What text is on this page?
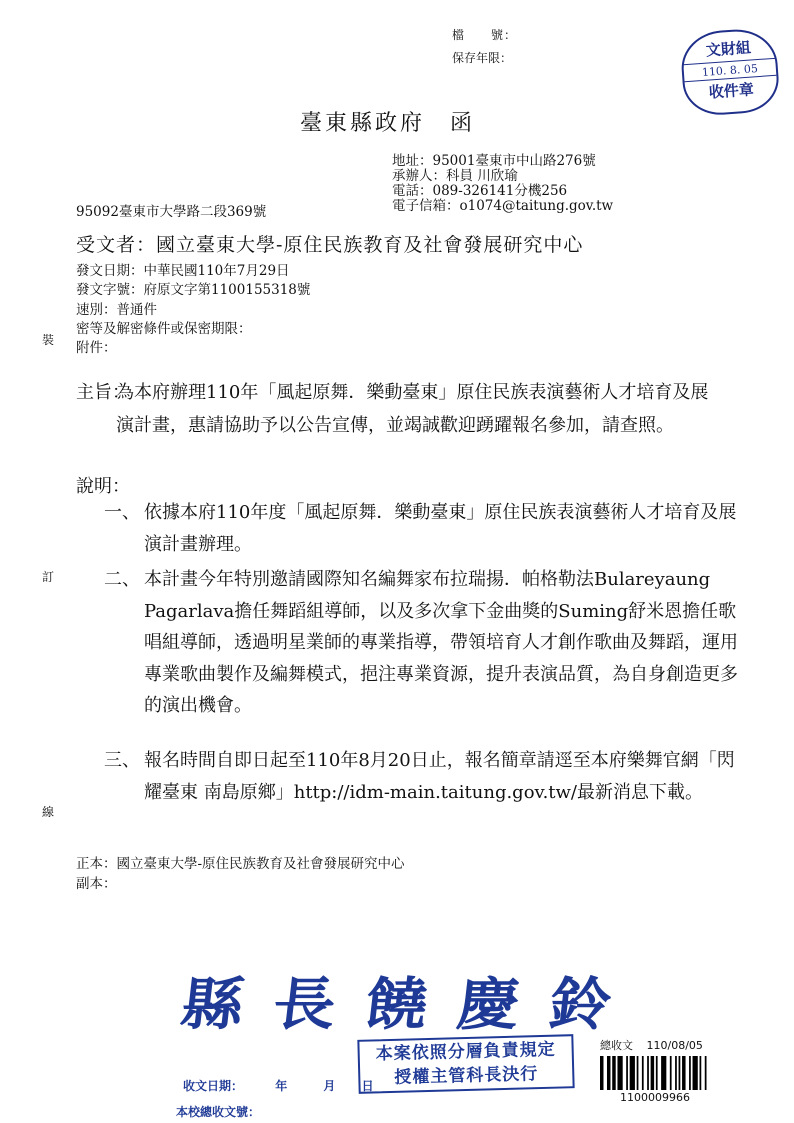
檔　　號：
保存年限：	文財組
110. 8. 05
收件章
臺東縣政府　函
地址：95001臺東市中山路276號
承辦人：科員 川欣瑜
電話：089-326141分機256
電子信箱：o1074@taitung.gov.tw
95092臺東市大學路二段369號
受文者：國立臺東大學-原住民族教育及社會發展研究中心
發文日期：中華民國110年7月29日
發文字號：府原文字第1100155318號
速別：普通件
密等及解密條件或保密期限：
附件：
裝
訂
線
主旨：
為本府辦理110年「風起原舞．樂動臺東」原住民族表演藝術人才培育及展演計畫，惠請協助予以公告宣傳，並竭誠歡迎踴躍報名參加，請查照。
說明：
一、 依據本府110年度「風起原舞．樂動臺東」原住民族表演藝術人才培育及展演計畫辦理。
二、 本計畫今年特別邀請國際知名編舞家布拉瑞揚．帕格勒法Bulareyaung Pagarlava擔任舞蹈組導師，以及多次拿下金曲獎的Suming舒米恩擔任歌唱組導師，透過明星業師的專業指導，帶領培育人才創作歌曲及舞蹈，運用專業歌曲製作及編舞模式，挹注專業資源，提升表演品質，為自身創造更多的演出機會。
三、 報名時間自即日起至110年8月20日止，報名簡章請逕至本府樂舞官網「閃耀臺東 南島原鄉」http://idm-main.taitung.gov.tw/最新消息下載。
正本：國立臺東大學-原住民族教育及社會發展研究中心
副本：
縣長饒慶鈴
本案依照分層負責規定
授權主管科長決行
收文日期：	年	月 日
本校總收文號：
總收文 110/08/05
1100009966
